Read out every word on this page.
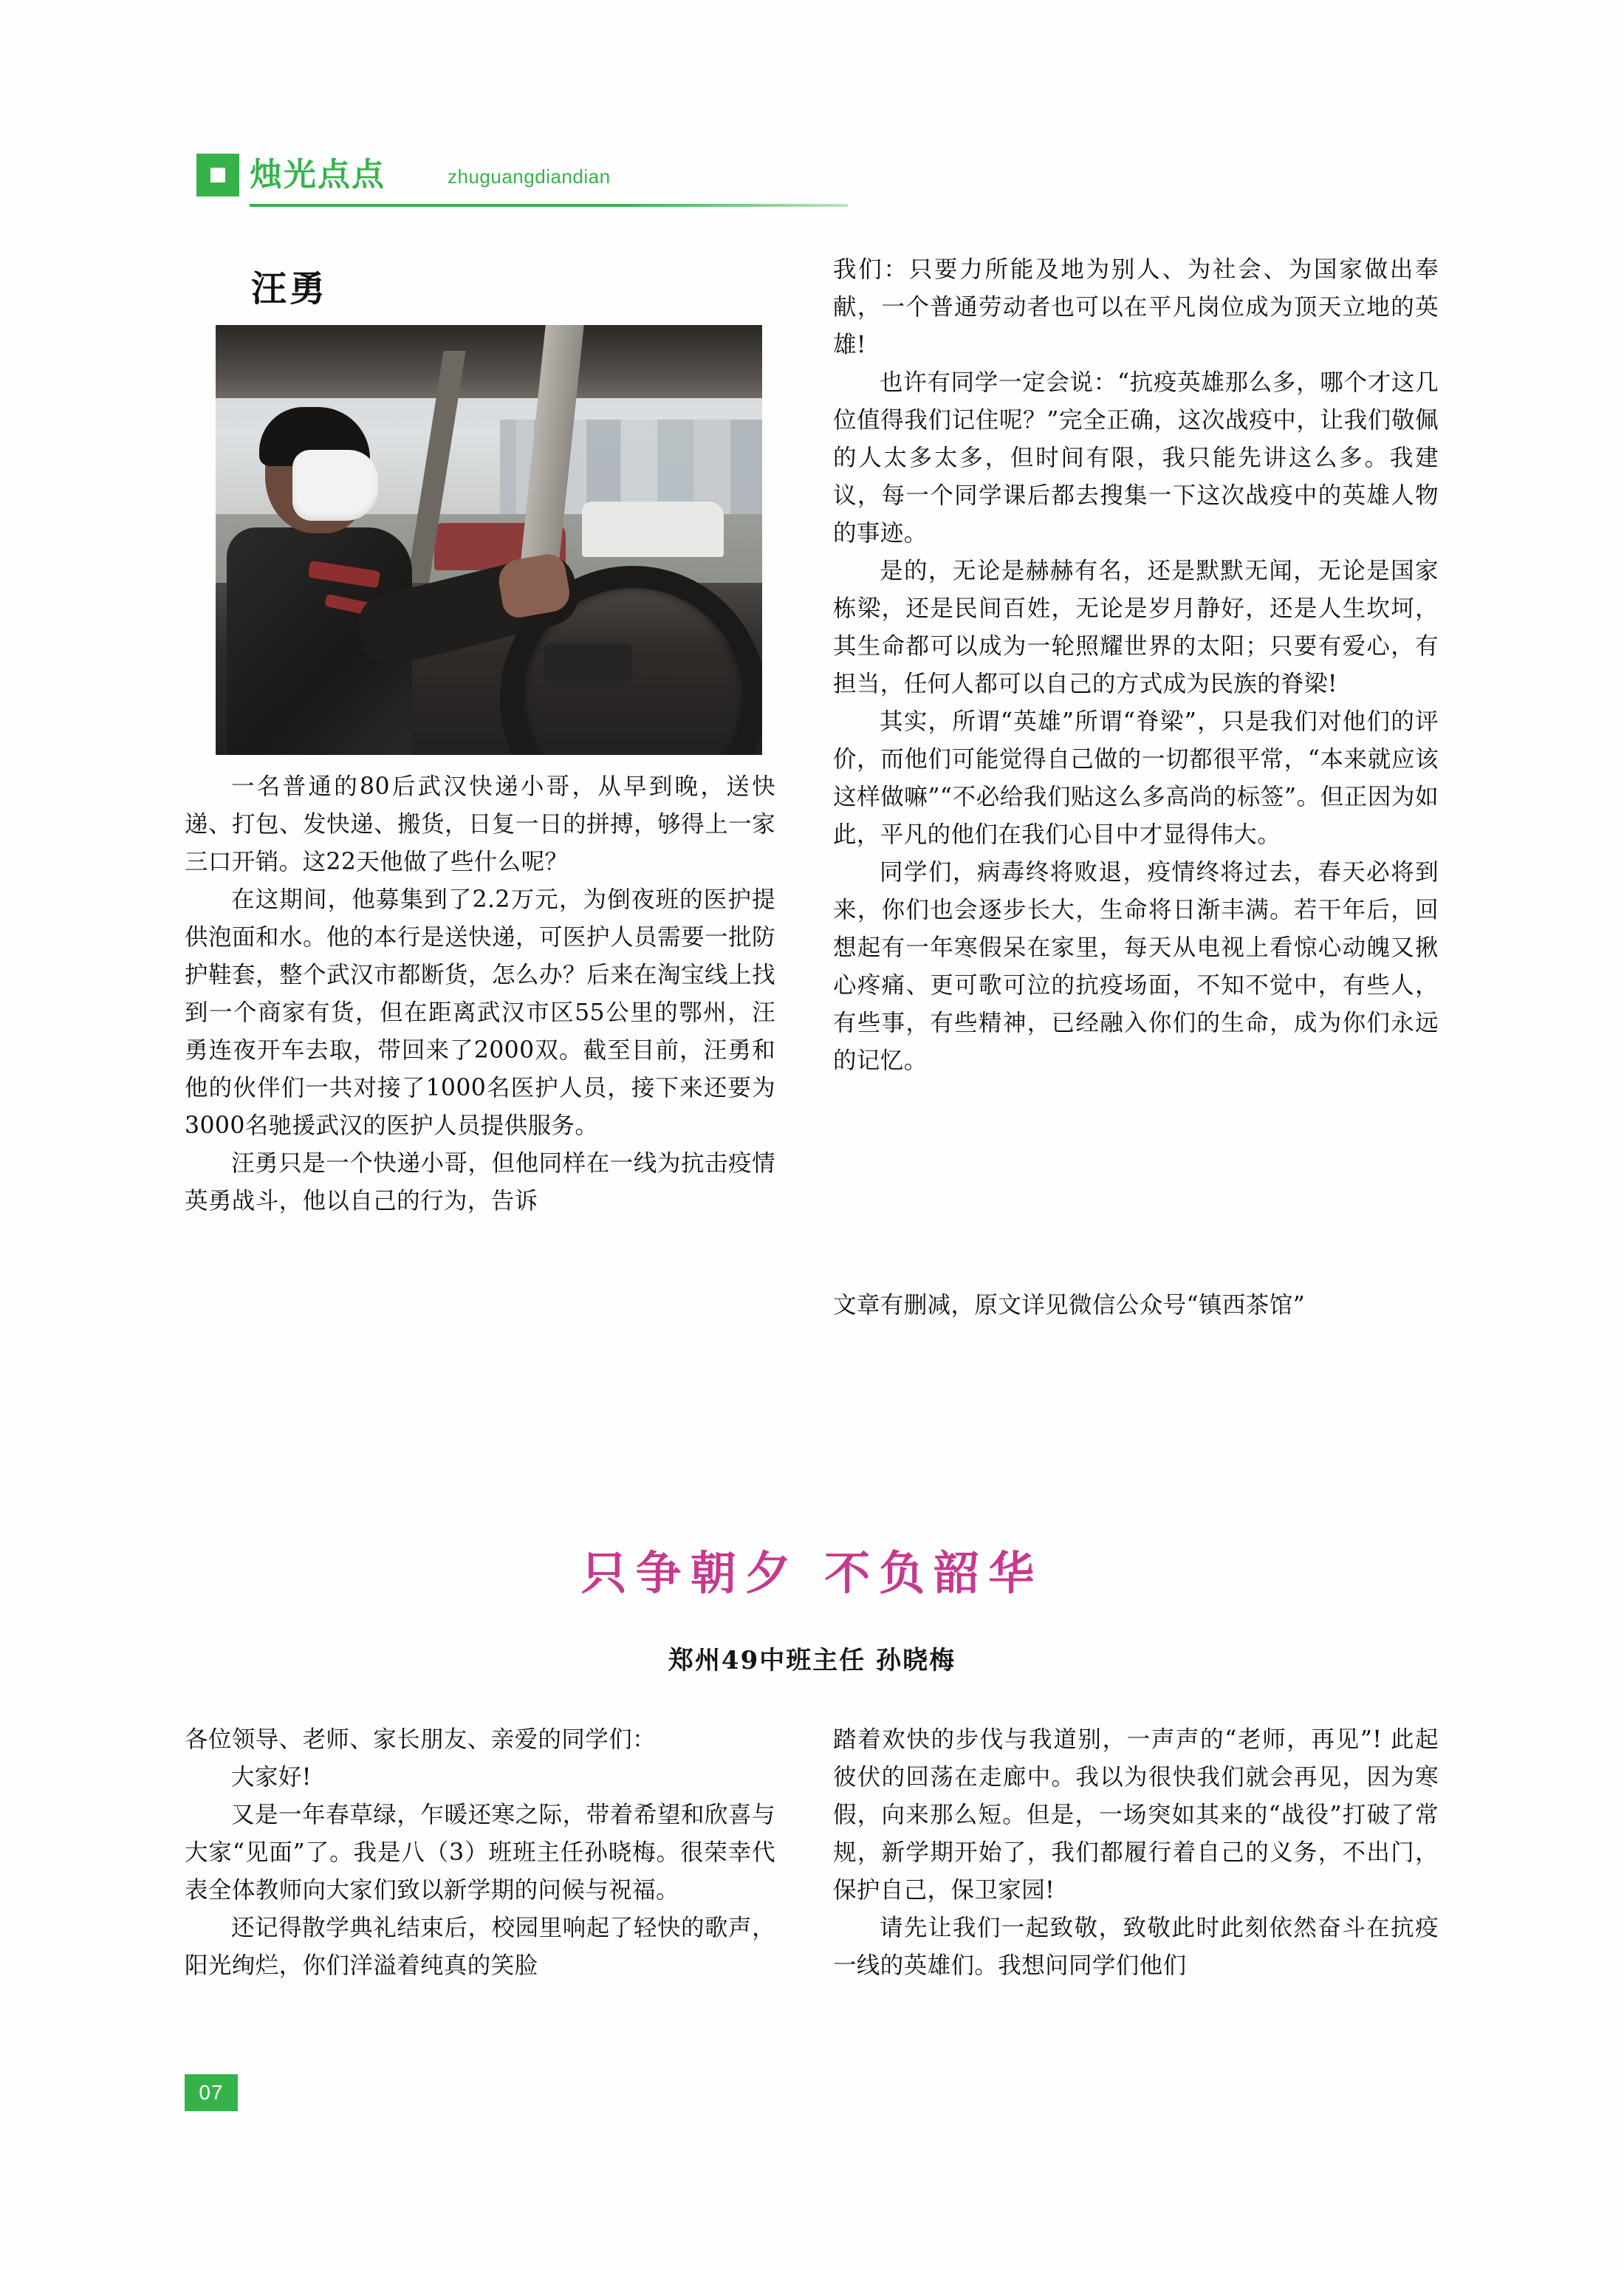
烛光点点	zhuguangdiandian
汪勇

一名普通的80后武汉快递小哥，从早到晚，送快递、打包、发快递、搬货，日复一日的拼搏，够得上一家三口开销。这22天他做了些什么呢？

在这期间，他募集到了2.2万元，为倒夜班的医护提供泡面和水。他的本行是送快递，可医护人员需要一批防护鞋套，整个武汉市都断货，怎么办？后来在淘宝线上找到一个商家有货，但在距离武汉市区55公里的鄂州，汪勇连夜开车去取，带回来了2000双。截至目前，汪勇和他的伙伴们一共对接了1000名医护人员，接下来还要为3000名驰援武汉的医护人员提供服务。

汪勇只是一个快递小哥，但他同样在一线为抗击疫情英勇战斗，他以自己的行为，告诉

我们：只要力所能及地为别人、为社会、为国家做出奉献，一个普通劳动者也可以在平凡岗位成为顶天立地的英雄!

也许有同学一定会说：“抗疫英雄那么多，哪个才这几位值得我们记住呢？”完全正确，这次战疫中，让我们敬佩的人太多太多，但时间有限，我只能先讲这么多。我建议，每一个同学课后都去搜集一下这次战疫中的英雄人物的事迹。

是的，无论是赫赫有名，还是默默无闻，无论是国家栋梁，还是民间百姓，无论是岁月静好，还是人生坎坷，其生命都可以成为一轮照耀世界的太阳；只要有爱心，有担当，任何人都可以自己的方式成为民族的脊梁!

其实，所谓“英雄”所谓“脊梁”，只是我们对他们的评价，而他们可能觉得自己做的一切都很平常，“本来就应该这样做嘛”“不必给我们贴这么多高尚的标签”。但正因为如此，平凡的他们在我们心目中才显得伟大。

同学们，病毒终将败退，疫情终将过去，春天必将到来，你们也会逐步长大，生命将日渐丰满。若干年后，回想起有一年寒假呆在家里，每天从电视上看惊心动魄又揪心疼痛、更可歌可泣的抗疫场面，不知不觉中，有些人，有些事，有些精神，已经融入你们的生命，成为你们永远的记忆。

文章有删减，原文详见微信公众号“镇西茶馆”
只争朝夕 不负韶华
郑州49中班主任 孙晓梅

各位领导、老师、家长朋友、亲爱的同学们：

大家好!

又是一年春草绿，乍暖还寒之际，带着希望和欣喜与大家“见面”了。我是八（3）班班主任孙晓梅。很荣幸代表全体教师向大家们致以新学期的问候与祝福。

还记得散学典礼结束后，校园里响起了轻快的歌声，阳光绚烂，你们洋溢着纯真的笑脸

踏着欢快的步伐与我道别，一声声的“老师，再见”! 此起彼伏的回荡在走廊中。我以为很快我们就会再见，因为寒假，向来那么短。但是，一场突如其来的“战役”打破了常规，新学期开始了，我们都履行着自己的义务，不出门，保护自己，保卫家园!

请先让我们一起致敬，致敬此时此刻依然奋斗在抗疫一线的英雄们。我想问同学们他们

07
